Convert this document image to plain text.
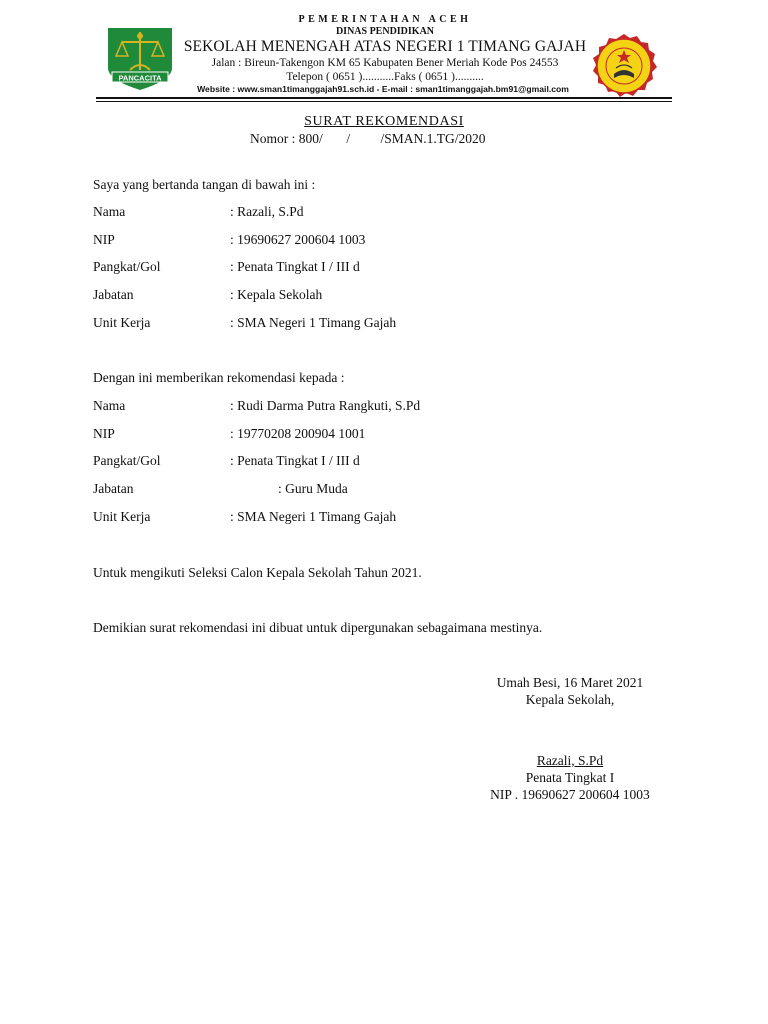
PANCACITA
PEMERINTAHAN ACEH
DINAS PENDIDIKAN
SEKOLAH MENENGAH ATAS NEGERI 1 TIMANG GAJAH
Jalan : Bireun-Takengon KM 65 Kabupaten Bener Meriah Kode Pos 24553
Telepon ( 0651 )...........Faks ( 0651 )..........
Website : www.sman1timanggajah91.sch.id - E-mail : sman1timanggajah.bm91@gmail.com
SURAT REKOMENDASI
Nomor : 800/       /         /SMAN.1.TG/2020
Saya yang bertanda tangan di bawah ini :
Nama	: Razali, S.Pd
NIP	: 19690627 200604 1003
Pangkat/Gol	: Penata Tingkat I / III d
Jabatan	: Kepala Sekolah
Unit Kerja	: SMA Negeri 1 Timang Gajah
Dengan ini memberikan rekomendasi kepada :
Nama	: Rudi Darma Putra Rangkuti, S.Pd
NIP	: 19770208 200904 1001
Pangkat/Gol	: Penata Tingkat I / III d
Jabatan	: Guru Muda
Unit Kerja	: SMA Negeri 1 Timang Gajah
Untuk mengikuti Seleksi Calon Kepala Sekolah Tahun 2021.
Demikian surat rekomendasi ini dibuat untuk dipergunakan sebagaimana mestinya.
Umah Besi, 16 Maret 2021
Kepala Sekolah,
Razali, S.Pd
Penata Tingkat I
NIP . 19690627 200604 1003
